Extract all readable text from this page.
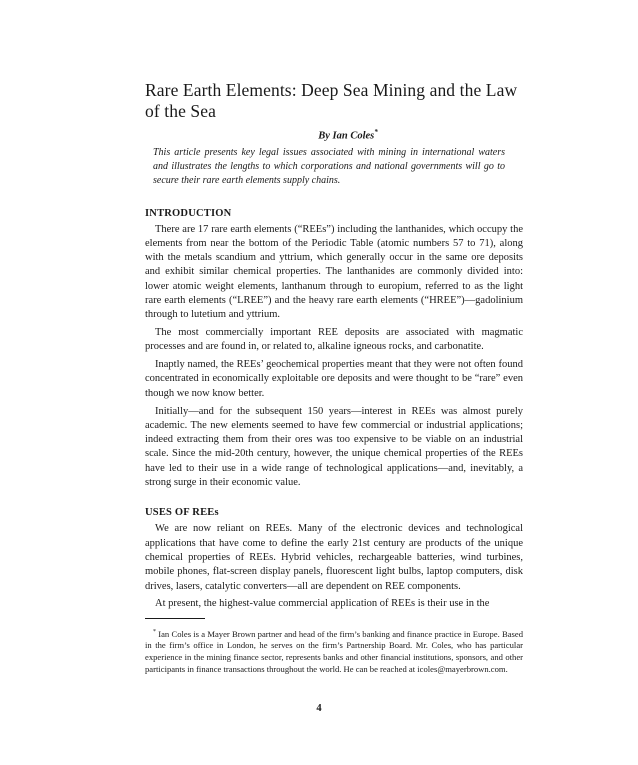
Rare Earth Elements: Deep Sea Mining and the Law of the Sea
By Ian Coles*
This article presents key legal issues associated with mining in international waters and illustrates the lengths to which corporations and national governments will go to secure their rare earth elements supply chains.
INTRODUCTION

There are 17 rare earth elements (“REEs”) including the lanthanides, which occupy the elements from near the bottom of the Periodic Table (atomic numbers 57 to 71), along with the metals scandium and yttrium, which generally occur in the same ore deposits and exhibit similar chemical properties. The lanthanides are commonly divided into: lower atomic weight elements, lanthanum through to europium, referred to as the light rare earth elements (“LREE”) and the heavy rare earth elements (“HREE”)—gadolinium through to lutetium and yttrium.

The most commercially important REE deposits are associated with magmatic processes and are found in, or related to, alkaline igneous rocks, and carbonatite.

Inaptly named, the REEs’ geochemical properties meant that they were not often found concentrated in economically exploitable ore deposits and were thought to be “rare” even though we now know better.

Initially—and for the subsequent 150 years—interest in REEs was almost purely academic. The new elements seemed to have few commercial or industrial applications; indeed extracting them from their ores was too expensive to be viable on an industrial scale. Since the mid-20th century, however, the unique chemical properties of the REEs have led to their use in a wide range of technological applications—and, inevitably, a strong surge in their economic value.

USES OF REEs

We are now reliant on REEs. Many of the electronic devices and technological applications that have come to define the early 21st century are products of the unique chemical properties of REEs. Hybrid vehicles, rechargeable batteries, wind turbines, mobile phones, flat-screen display panels, fluorescent light bulbs, laptop computers, disk drives, lasers, catalytic converters—all are dependent on REE components.

At present, the highest-value commercial application of REEs is their use in the

* Ian Coles is a Mayer Brown partner and head of the firm’s banking and finance practice in Europe. Based in the firm’s office in London, he serves on the firm’s Partnership Board. Mr. Coles, who has particular experience in the mining finance sector, represents banks and other financial institutions, sponsors, and other participants in finance transactions throughout the world. He can be reached at icoles@mayerbrown.com.

4
